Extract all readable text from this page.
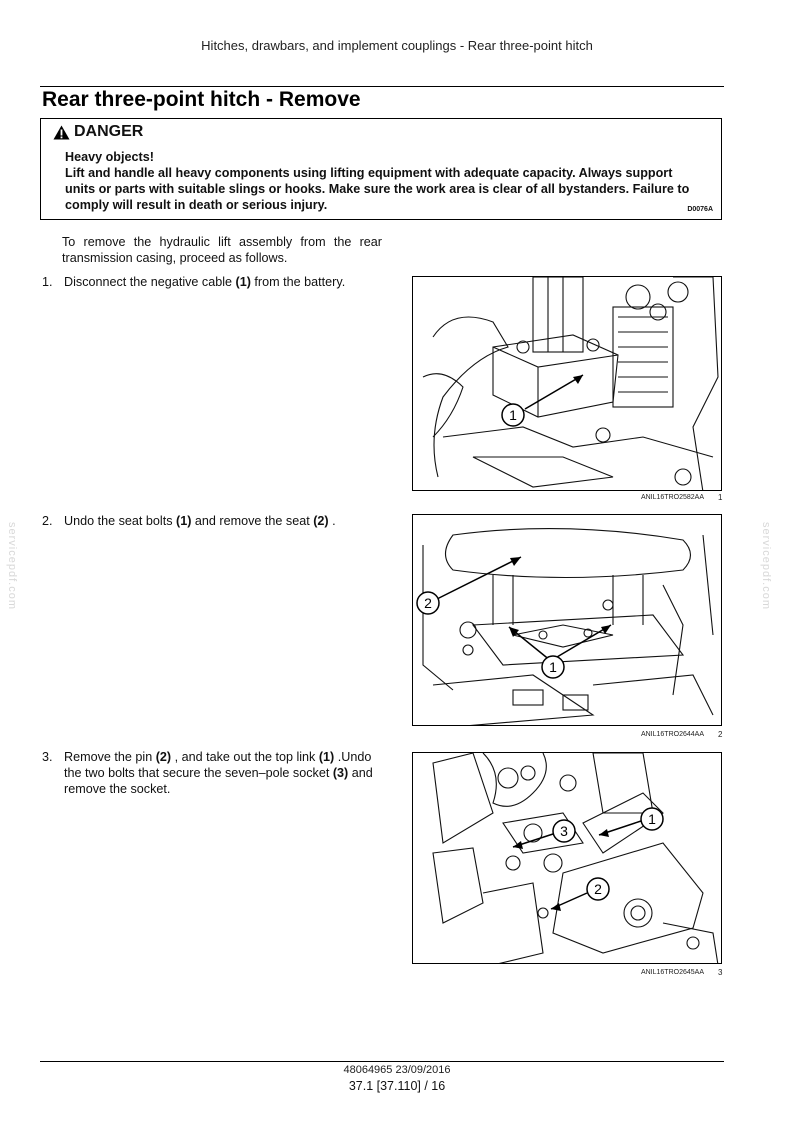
Hitches, drawbars, and implement couplings - Rear three-point hitch
Rear three-point hitch - Remove
DANGER
Heavy objects!
Lift and handle all heavy components using lifting equipment with adequate capacity. Always support units or parts with suitable slings or hooks. Make sure the work area is clear of all bystanders. Failure to comply will result in death or serious injury.	D0076A
To remove the hydraulic lift assembly from the rear transmission casing, proceed as follows.
1. Disconnect the negative cable (1) from the battery.
2. Undo the seat bolts (1) and remove the seat (2) .
3. Remove the pin (2) , and take out the top link (1) .Undo the two bolts that secure the seven–pole socket (3) and remove the socket.
1
ANIL16TRO2582AA 1
2
1
ANIL16TRO2644AA 2
3
1
2
ANIL16TRO2645AA 3
servicepdf.com	servicepdf.com
48064965 23/09/2016
37.1 [37.110] / 16
